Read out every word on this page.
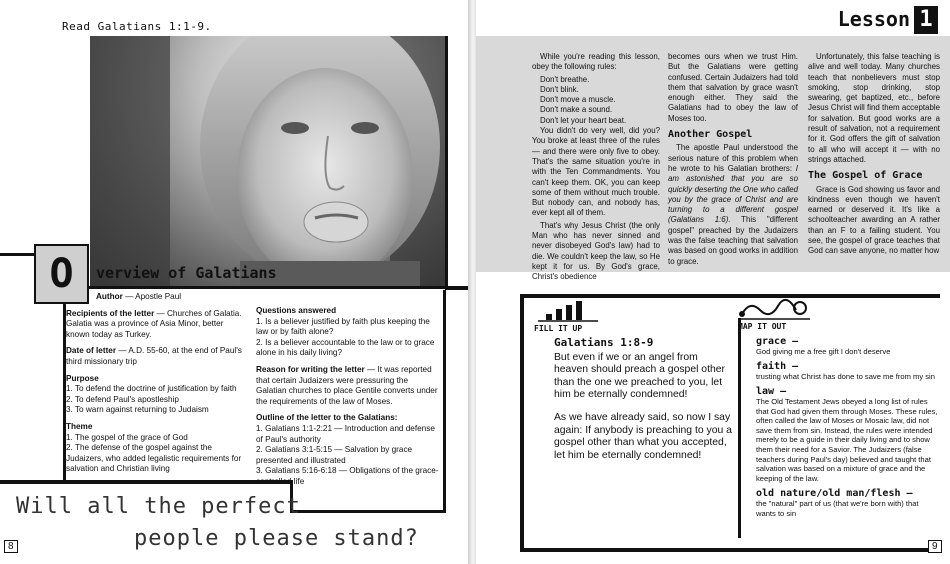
Read Galatians 1:1-9.
O verview of Galatians

Author — Apostle Paul

Recipients of the letter — Churches of Galatia. Galatia was a province of Asia Minor, better known today as Turkey.

Date of letter — A.D. 55-60, at the end of Paul's third missionary trip

Purpose
1. To defend the doctrine of justification by faith
2. To defend Paul's apostleship
3. To warn against returning to Judaism
Theme
1. The gospel of the grace of God
2. The defense of the gospel against the Judaizers, who added legalistic requirements for salvation and Christian living
Questions answered
1. Is a believer justified by faith plus keeping the law or by faith alone?
2. Is a believer accountable to the law or to grace alone in his daily living?

Reason for writing the letter — It was reported that certain Judaizers were pressuring the Galatian churches to place Gentile converts under the requirements of the law of Moses.

Outline of the letter to the Galatians:
1. Galatians 1:1-2:21 — Introduction and defense of Paul's authority
2. Galatians 3:1-5:15 — Salvation by grace presented and illustrated
3. Galatians 5:16-6:18 — Obligations of the grace-controlled life
Will all the perfect
people please stand?
8
Lesson 1

While you're reading this lesson, obey the following rules:

Don't breathe.
Don't blink.
Don't move a muscle.
Don't make a sound.
Don't let your heart beat.

You didn't do very well, did you? You broke at least three of the rules — and there were only five to obey. That's the same situation you're in with the Ten Commandments. You can't keep them. OK, you can keep some of them without much trouble. But nobody can, and nobody has, ever kept all of them.

That's why Jesus Christ (the only Man who has never sinned and never disobeyed God's law) had to die. We couldn't keep the law, so He kept it for us. By God's grace, Christ's obedience

becomes ours when we trust Him. But the Galatians were getting confused. Certain Judaizers had told them that salvation by grace wasn't enough either. They said the Galatians had to obey the law of Moses too.

Another Gospel

The apostle Paul understood the serious nature of this problem when he wrote to his Galatian brothers: I am astonished that you are so quickly deserting the One who called you by the grace of Christ and are turning to a different gospel (Galatians 1:6). This "different gospel" preached by the Judaizers was the false teaching that salvation was based on good works in addition to grace.

Unfortunately, this false teaching is alive and well today. Many churches teach that nonbelievers must stop smoking, stop drinking, stop swearing, get baptized, etc., before Jesus Christ will find them acceptable for salvation. But good works are a result of salvation, not a requirement for it. God offers the gift of salvation to all who will accept it — with no strings attached.

The Gospel of Grace

Grace is God showing us favor and kindness even though we haven't earned or deserved it. It's like a schoolteacher awarding an A rather than an F to a failing student. You see, the gospel of grace teaches that God can save anyone, no matter how

FILL IT UP	MAP IT OUT
Galatians 1:8-9

But even if we or an angel from heaven should preach a gospel other than the one we preached to you, let him be eternally condemned!

As we have already said, so now I say again: If anybody is preaching to you a gospel other than what you accepted, let him be eternally condemned!

grace —
God giving me a free gift I don't deserve
faith —
trusting what Christ has done to save me from my sin
law —
The Old Testament Jews obeyed a long list of rules that God had given them through Moses. These rules, often called the law of Moses or Mosaic law, did not save them from sin. Instead, the rules were intended merely to be a guide in their daily living and to show them their need for a Savior. The Judaizers (false teachers during Paul's day) believed and taught that salvation was based on a mixture of grace and the keeping of the law.
old nature/old man/flesh —
the "natural" part of us (that we're born with) that wants to sin
9
